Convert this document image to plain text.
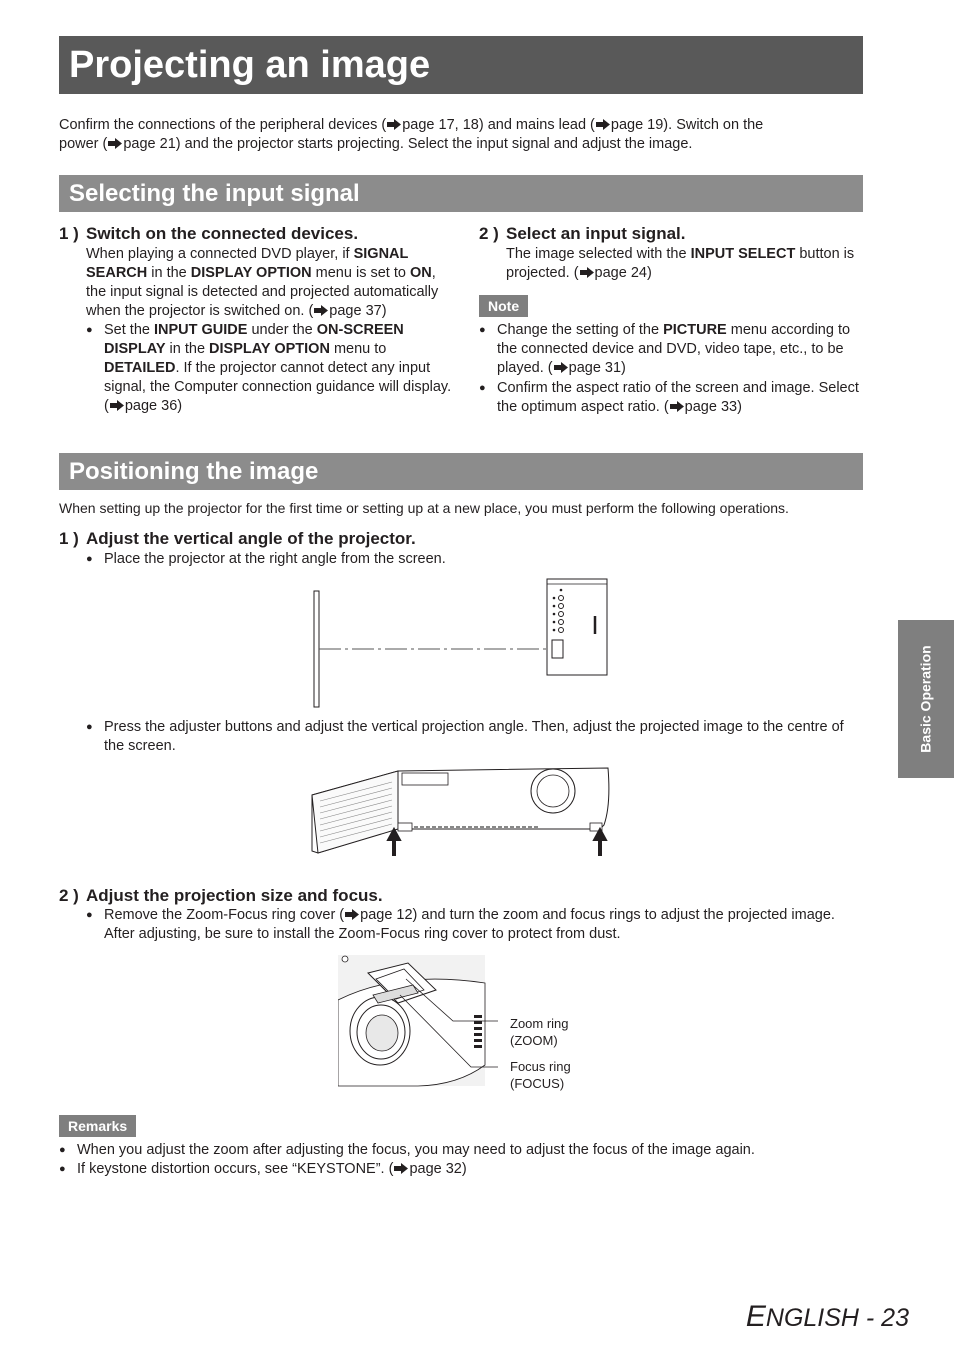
Projecting an image
Confirm the connections of the peripheral devices ( page 17, 18) and mains lead ( page 19). Switch on the
power ( page 21) and the projector starts projecting. Select the input signal and adjust the image.
Selecting the input signal
1 ) Switch on the connected devices.
When playing a connected DVD player, if SIGNAL SEARCH in the DISPLAY OPTION menu is set to ON, the input signal is detected and projected automatically when the projector is switched on. ( page 37)
● Set the INPUT GUIDE under the ON-SCREEN DISPLAY in the DISPLAY OPTION menu to DETAILED. If the projector cannot detect any input signal, the Computer connection guidance will display. ( page 36)
2 ) Select an input signal.
The image selected with the INPUT SELECT button is projected. ( page 24)
Note
● Change the setting of the PICTURE menu according to the connected device and DVD, video tape, etc., to be played. ( page 31)
● Confirm the aspect ratio of the screen and image. Select the optimum aspect ratio. ( page 33)
Positioning the image
When setting up the projector for the first time or setting up at a new place, you must perform the following operations.
1 ) Adjust the vertical angle of the projector.
● Place the projector at the right angle from the screen.
● Press the adjuster buttons and adjust the vertical projection angle. Then, adjust the projected image to the centre of the screen.
2 ) Adjust the projection size and focus.
● Remove the Zoom-Focus ring cover ( page 12) and turn the zoom and focus rings to adjust the projected image. After adjusting, be sure to install the Zoom-Focus ring cover to protect from dust.
Zoom ring
(ZOOM)
Focus ring
(FOCUS)
Remarks
● When you adjust the zoom after adjusting the focus, you may need to adjust the focus of the image again.
● If keystone distortion occurs, see “KEYSTONE”. ( page 32)
Basic Operation
ENGLISH - 23
